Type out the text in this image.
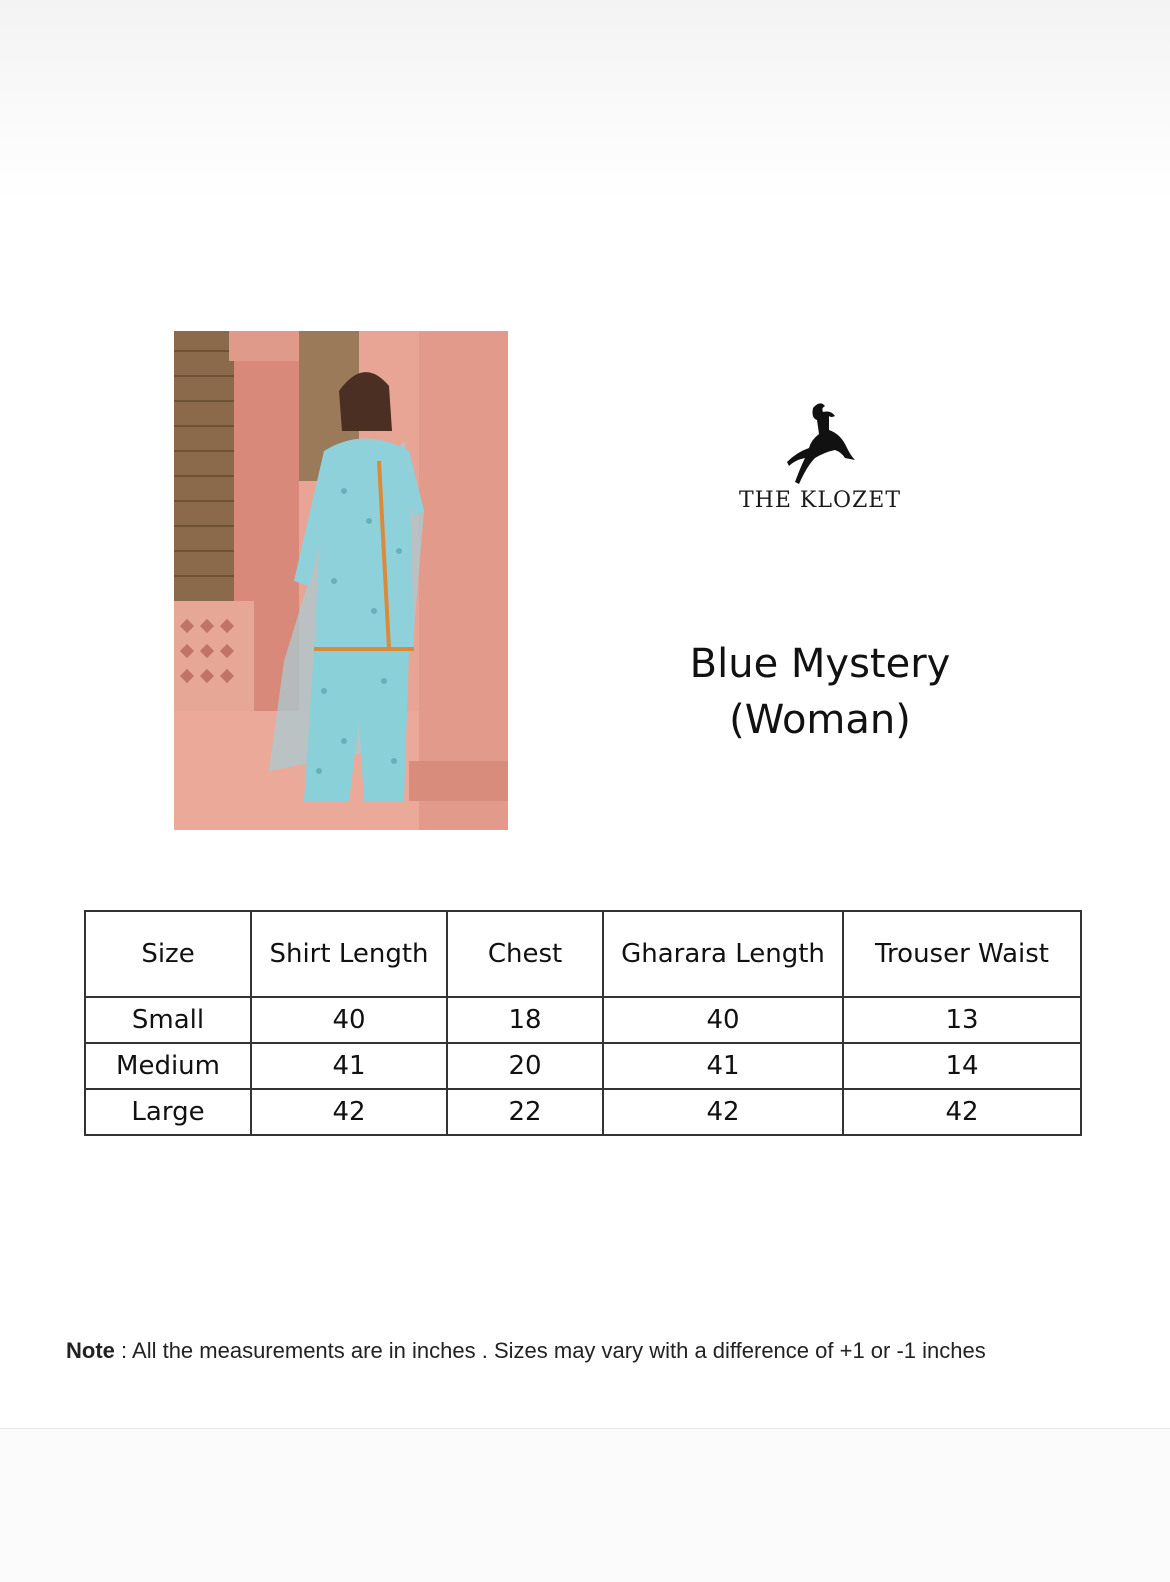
THE KLOZET
Blue Mystery
(Woman)
Size	Shirt Length	Chest	Gharara Length	Trouser Waist
Small	40	18	40	13
Medium	41	20	41	14
Large	42	22	42	42
Note : All the measurements are in inches . Sizes may vary with a difference of +1 or -1 inches
